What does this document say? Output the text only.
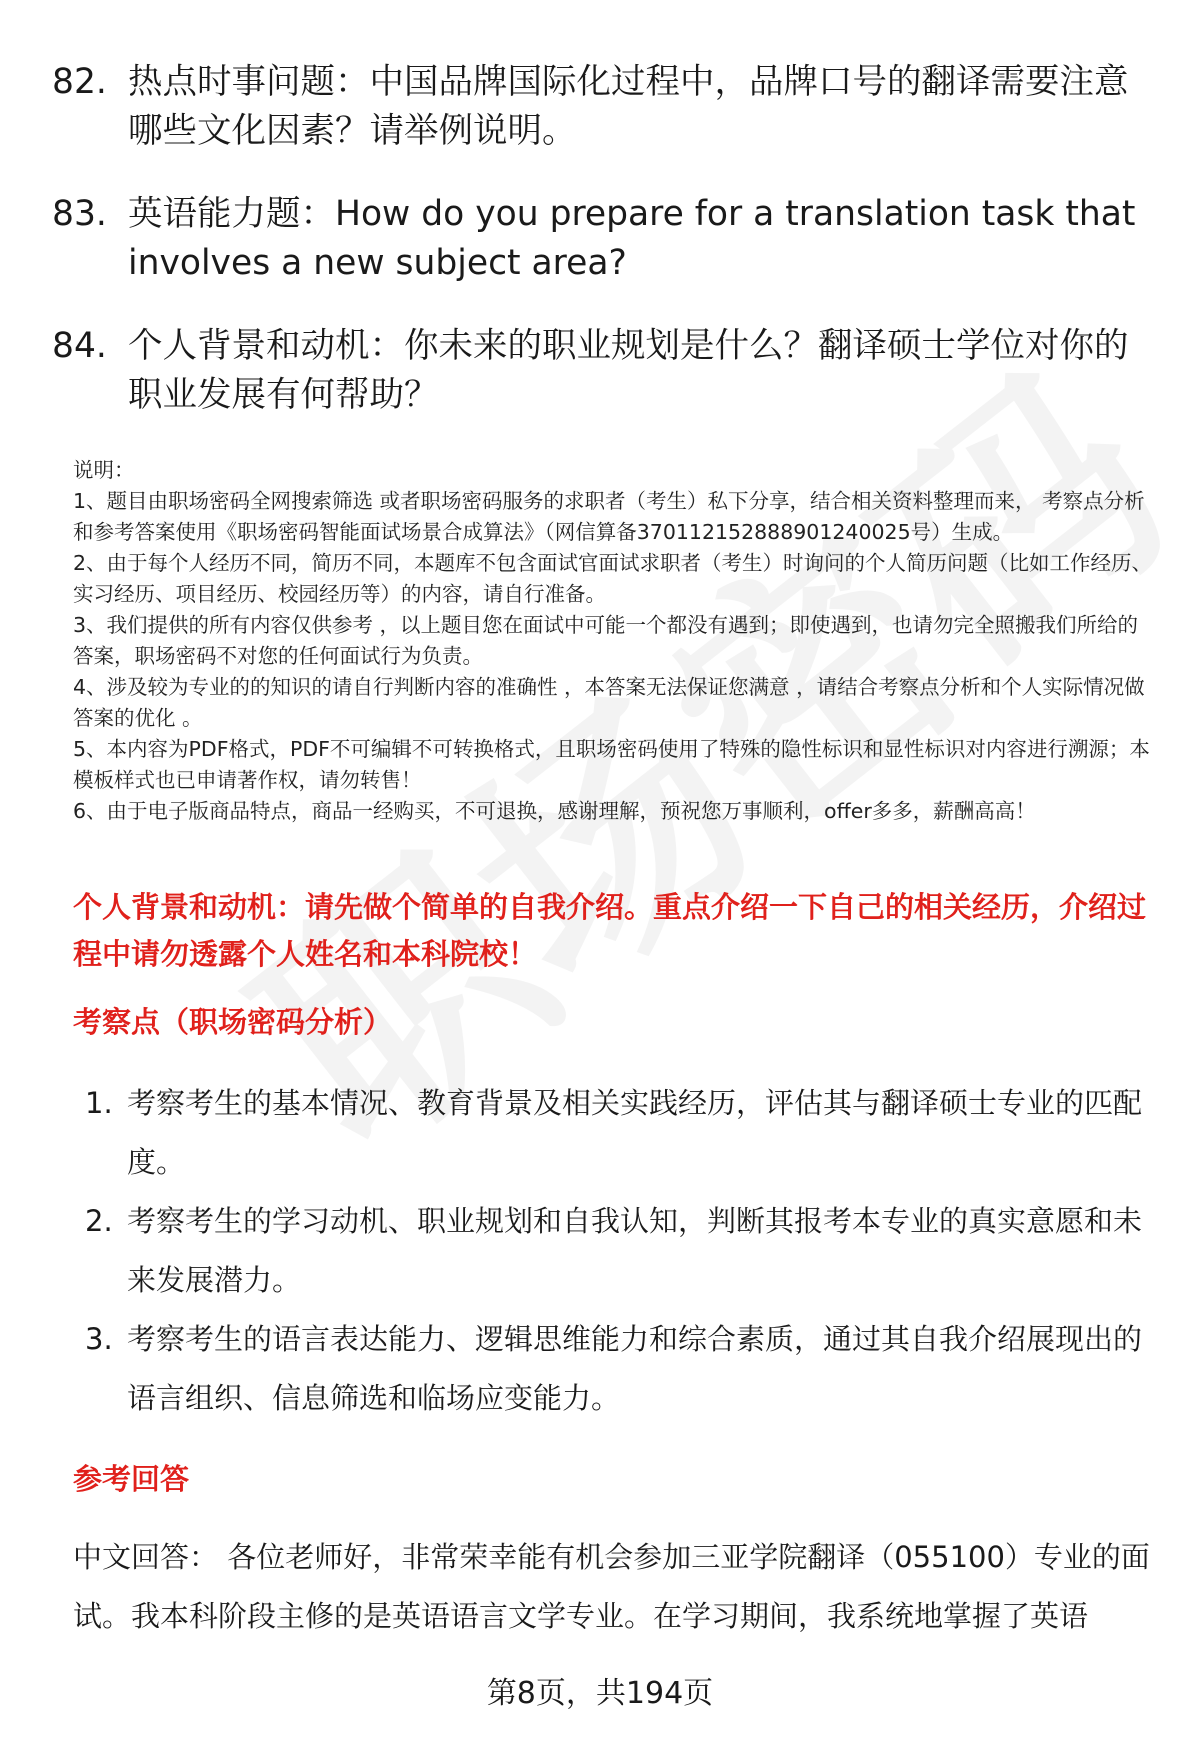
82. 热点时事问题：中国品牌国际化过程中，品牌口号的翻译需要注意哪些文化因素？请举例说明。
83. 英语能力题：How do you prepare for a translation task that involves a new subject area?
84. 个人背景和动机：你未来的职业规划是什么？翻译硕士学位对你的职业发展有何帮助？

说明：

1、题目由职场密码全网搜索筛选 或者职场密码服务的求职者（考生）私下分享，结合相关资料整理而来， 考察点分析和参考答案使用《职场密码智能面试场景合成算法》（网信算备370112152888901240025号）生成。

2、由于每个人经历不同，简历不同，本题库不包含面试官面试求职者（考生）时询问的个人简历问题（比如工作经历、实习经历、项目经历、校园经历等）的内容，请自行准备。

3、我们提供的所有内容仅供参考 ，以上题目您在面试中可能一个都没有遇到；即使遇到，也请勿完全照搬我们所给的答案，职场密码不对您的任何面试行为负责。

4、涉及较为专业的的知识的请自行判断内容的准确性 ，本答案无法保证您满意 ，请结合考察点分析和个人实际情况做答案的优化 。

5、本内容为PDF格式，PDF不可编辑不可转换格式，且职场密码使用了特殊的隐性标识和显性标识对内容进行溯源；本模板样式也已申请著作权，请勿转售！

6、由于电子版商品特点，商品一经购买，不可退换，感谢理解，预祝您万事顺利，offer多多，薪酬高高！

个人背景和动机：请先做个简单的自我介绍。重点介绍一下自己的相关经历，介绍过程中请勿透露个人姓名和本科院校！
考察点（职场密码分析）
1. 考察考生的基本情况、教育背景及相关实践经历，评估其与翻译硕士专业的匹配度。
2. 考察考生的学习动机、职业规划和自我认知，判断其报考本专业的真实意愿和未来发展潜力。
3. 考察考生的语言表达能力、逻辑思维能力和综合素质，通过其自我介绍展现出的语言组织、信息筛选和临场应变能力。
参考回答
中文回答： 各位老师好，非常荣幸能有机会参加三亚学院翻译（055100）专业的面试。我本科阶段主修的是英语语言文学专业。在学习期间，我系统地掌握了英语
第8页，共194页
